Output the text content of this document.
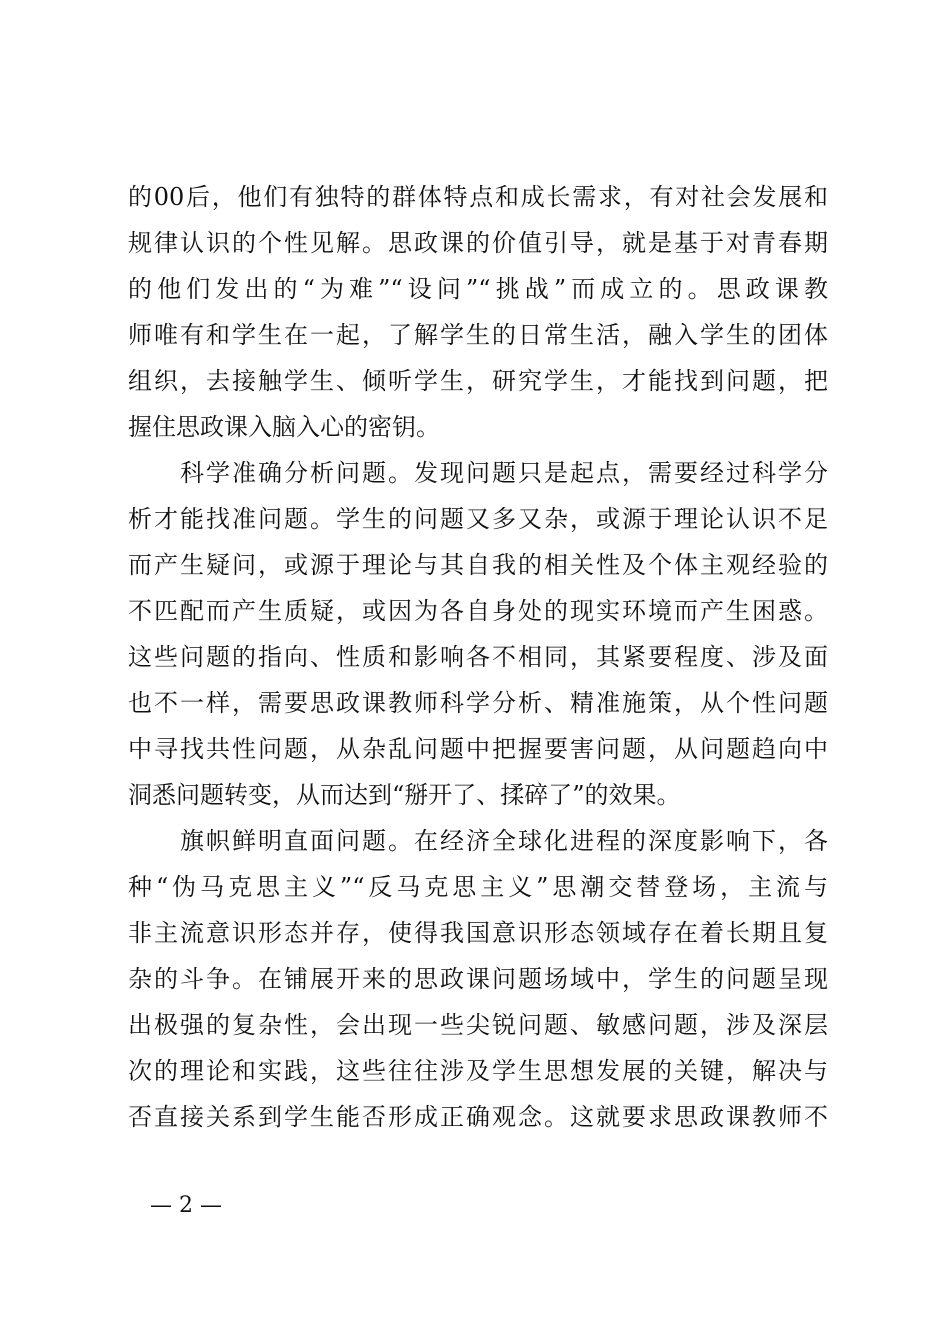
的00后，他们有独特的群体特点和成长需求，有对社会发展和
规律认识的个性见解。思政课的价值引导，就是基于对青春期
的他们发出的“为难”“设问”“挑战”而成立的。思政课教
师唯有和学生在一起，了解学生的日常生活，融入学生的团体
组织，去接触学生、倾听学生，研究学生，才能找到问题，把
握住思政课入脑入心的密钥。
　　科学准确分析问题。发现问题只是起点，需要经过科学分
析才能找准问题。学生的问题又多又杂，或源于理论认识不足
而产生疑问，或源于理论与其自我的相关性及个体主观经验的
不匹配而产生质疑，或因为各自身处的现实环境而产生困惑。
这些问题的指向、性质和影响各不相同，其紧要程度、涉及面
也不一样，需要思政课教师科学分析、精准施策，从个性问题
中寻找共性问题，从杂乱问题中把握要害问题，从问题趋向中
洞悉问题转变，从而达到“掰开了、揉碎了”的效果。
　　旗帜鲜明直面问题。在经济全球化进程的深度影响下，各
种“伪马克思主义”“反马克思主义”思潮交替登场，主流与
非主流意识形态并存，使得我国意识形态领域存在着长期且复
杂的斗争。在铺展开来的思政课问题场域中，学生的问题呈现
出极强的复杂性，会出现一些尖锐问题、敏感问题，涉及深层
次的理论和实践，这些往往涉及学生思想发展的关键，解决与
否直接关系到学生能否形成正确观念。这就要求思政课教师不
— 2 —
